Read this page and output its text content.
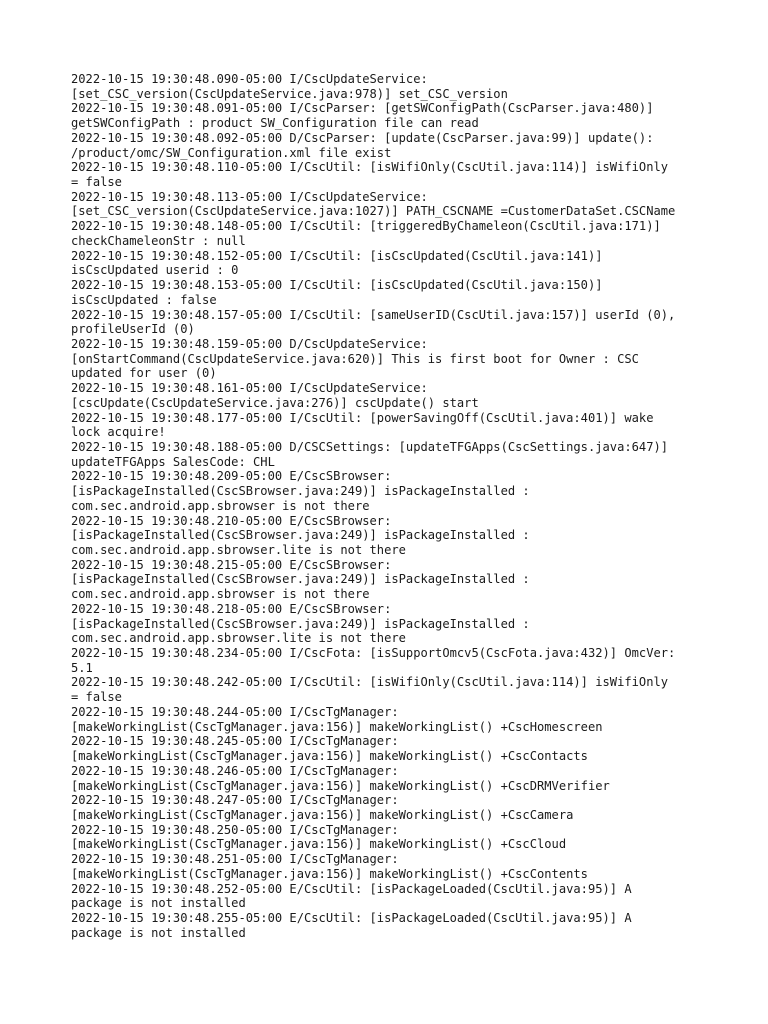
2022-10-15 19:30:48.090-05:00 I/CscUpdateService:
[set_CSC_version(CscUpdateService.java:978)] set_CSC_version
2022-10-15 19:30:48.091-05:00 I/CscParser: [getSWConfigPath(CscParser.java:480)]
getSWConfigPath : product SW_Configuration file can read
2022-10-15 19:30:48.092-05:00 D/CscParser: [update(CscParser.java:99)] update():
/product/omc/SW_Configuration.xml file exist
2022-10-15 19:30:48.110-05:00 I/CscUtil: [isWifiOnly(CscUtil.java:114)] isWifiOnly
= false
2022-10-15 19:30:48.113-05:00 I/CscUpdateService:
[set_CSC_version(CscUpdateService.java:1027)] PATH_CSCNAME =CustomerDataSet.CSCName
2022-10-15 19:30:48.148-05:00 I/CscUtil: [triggeredByChameleon(CscUtil.java:171)]
checkChameleonStr : null
2022-10-15 19:30:48.152-05:00 I/CscUtil: [isCscUpdated(CscUtil.java:141)]
isCscUpdated userid : 0
2022-10-15 19:30:48.153-05:00 I/CscUtil: [isCscUpdated(CscUtil.java:150)]
isCscUpdated : false
2022-10-15 19:30:48.157-05:00 I/CscUtil: [sameUserID(CscUtil.java:157)] userId (0),
profileUserId (0)
2022-10-15 19:30:48.159-05:00 D/CscUpdateService:
[onStartCommand(CscUpdateService.java:620)] This is first boot for Owner : CSC
updated for user (0)
2022-10-15 19:30:48.161-05:00 I/CscUpdateService:
[cscUpdate(CscUpdateService.java:276)] cscUpdate() start
2022-10-15 19:30:48.177-05:00 I/CscUtil: [powerSavingOff(CscUtil.java:401)] wake
lock acquire!
2022-10-15 19:30:48.188-05:00 D/CSCSettings: [updateTFGApps(CscSettings.java:647)]
updateTFGApps SalesCode: CHL
2022-10-15 19:30:48.209-05:00 E/CscSBrowser:
[isPackageInstalled(CscSBrowser.java:249)] isPackageInstalled :
com.sec.android.app.sbrowser is not there
2022-10-15 19:30:48.210-05:00 E/CscSBrowser:
[isPackageInstalled(CscSBrowser.java:249)] isPackageInstalled :
com.sec.android.app.sbrowser.lite is not there
2022-10-15 19:30:48.215-05:00 E/CscSBrowser:
[isPackageInstalled(CscSBrowser.java:249)] isPackageInstalled :
com.sec.android.app.sbrowser is not there
2022-10-15 19:30:48.218-05:00 E/CscSBrowser:
[isPackageInstalled(CscSBrowser.java:249)] isPackageInstalled :
com.sec.android.app.sbrowser.lite is not there
2022-10-15 19:30:48.234-05:00 I/CscFota: [isSupportOmcv5(CscFota.java:432)] OmcVer:
5.1
2022-10-15 19:30:48.242-05:00 I/CscUtil: [isWifiOnly(CscUtil.java:114)] isWifiOnly
= false
2022-10-15 19:30:48.244-05:00 I/CscTgManager:
[makeWorkingList(CscTgManager.java:156)] makeWorkingList() +CscHomescreen
2022-10-15 19:30:48.245-05:00 I/CscTgManager:
[makeWorkingList(CscTgManager.java:156)] makeWorkingList() +CscContacts
2022-10-15 19:30:48.246-05:00 I/CscTgManager:
[makeWorkingList(CscTgManager.java:156)] makeWorkingList() +CscDRMVerifier
2022-10-15 19:30:48.247-05:00 I/CscTgManager:
[makeWorkingList(CscTgManager.java:156)] makeWorkingList() +CscCamera
2022-10-15 19:30:48.250-05:00 I/CscTgManager:
[makeWorkingList(CscTgManager.java:156)] makeWorkingList() +CscCloud
2022-10-15 19:30:48.251-05:00 I/CscTgManager:
[makeWorkingList(CscTgManager.java:156)] makeWorkingList() +CscContents
2022-10-15 19:30:48.252-05:00 E/CscUtil: [isPackageLoaded(CscUtil.java:95)] A
package is not installed
2022-10-15 19:30:48.255-05:00 E/CscUtil: [isPackageLoaded(CscUtil.java:95)] A
package is not installed
